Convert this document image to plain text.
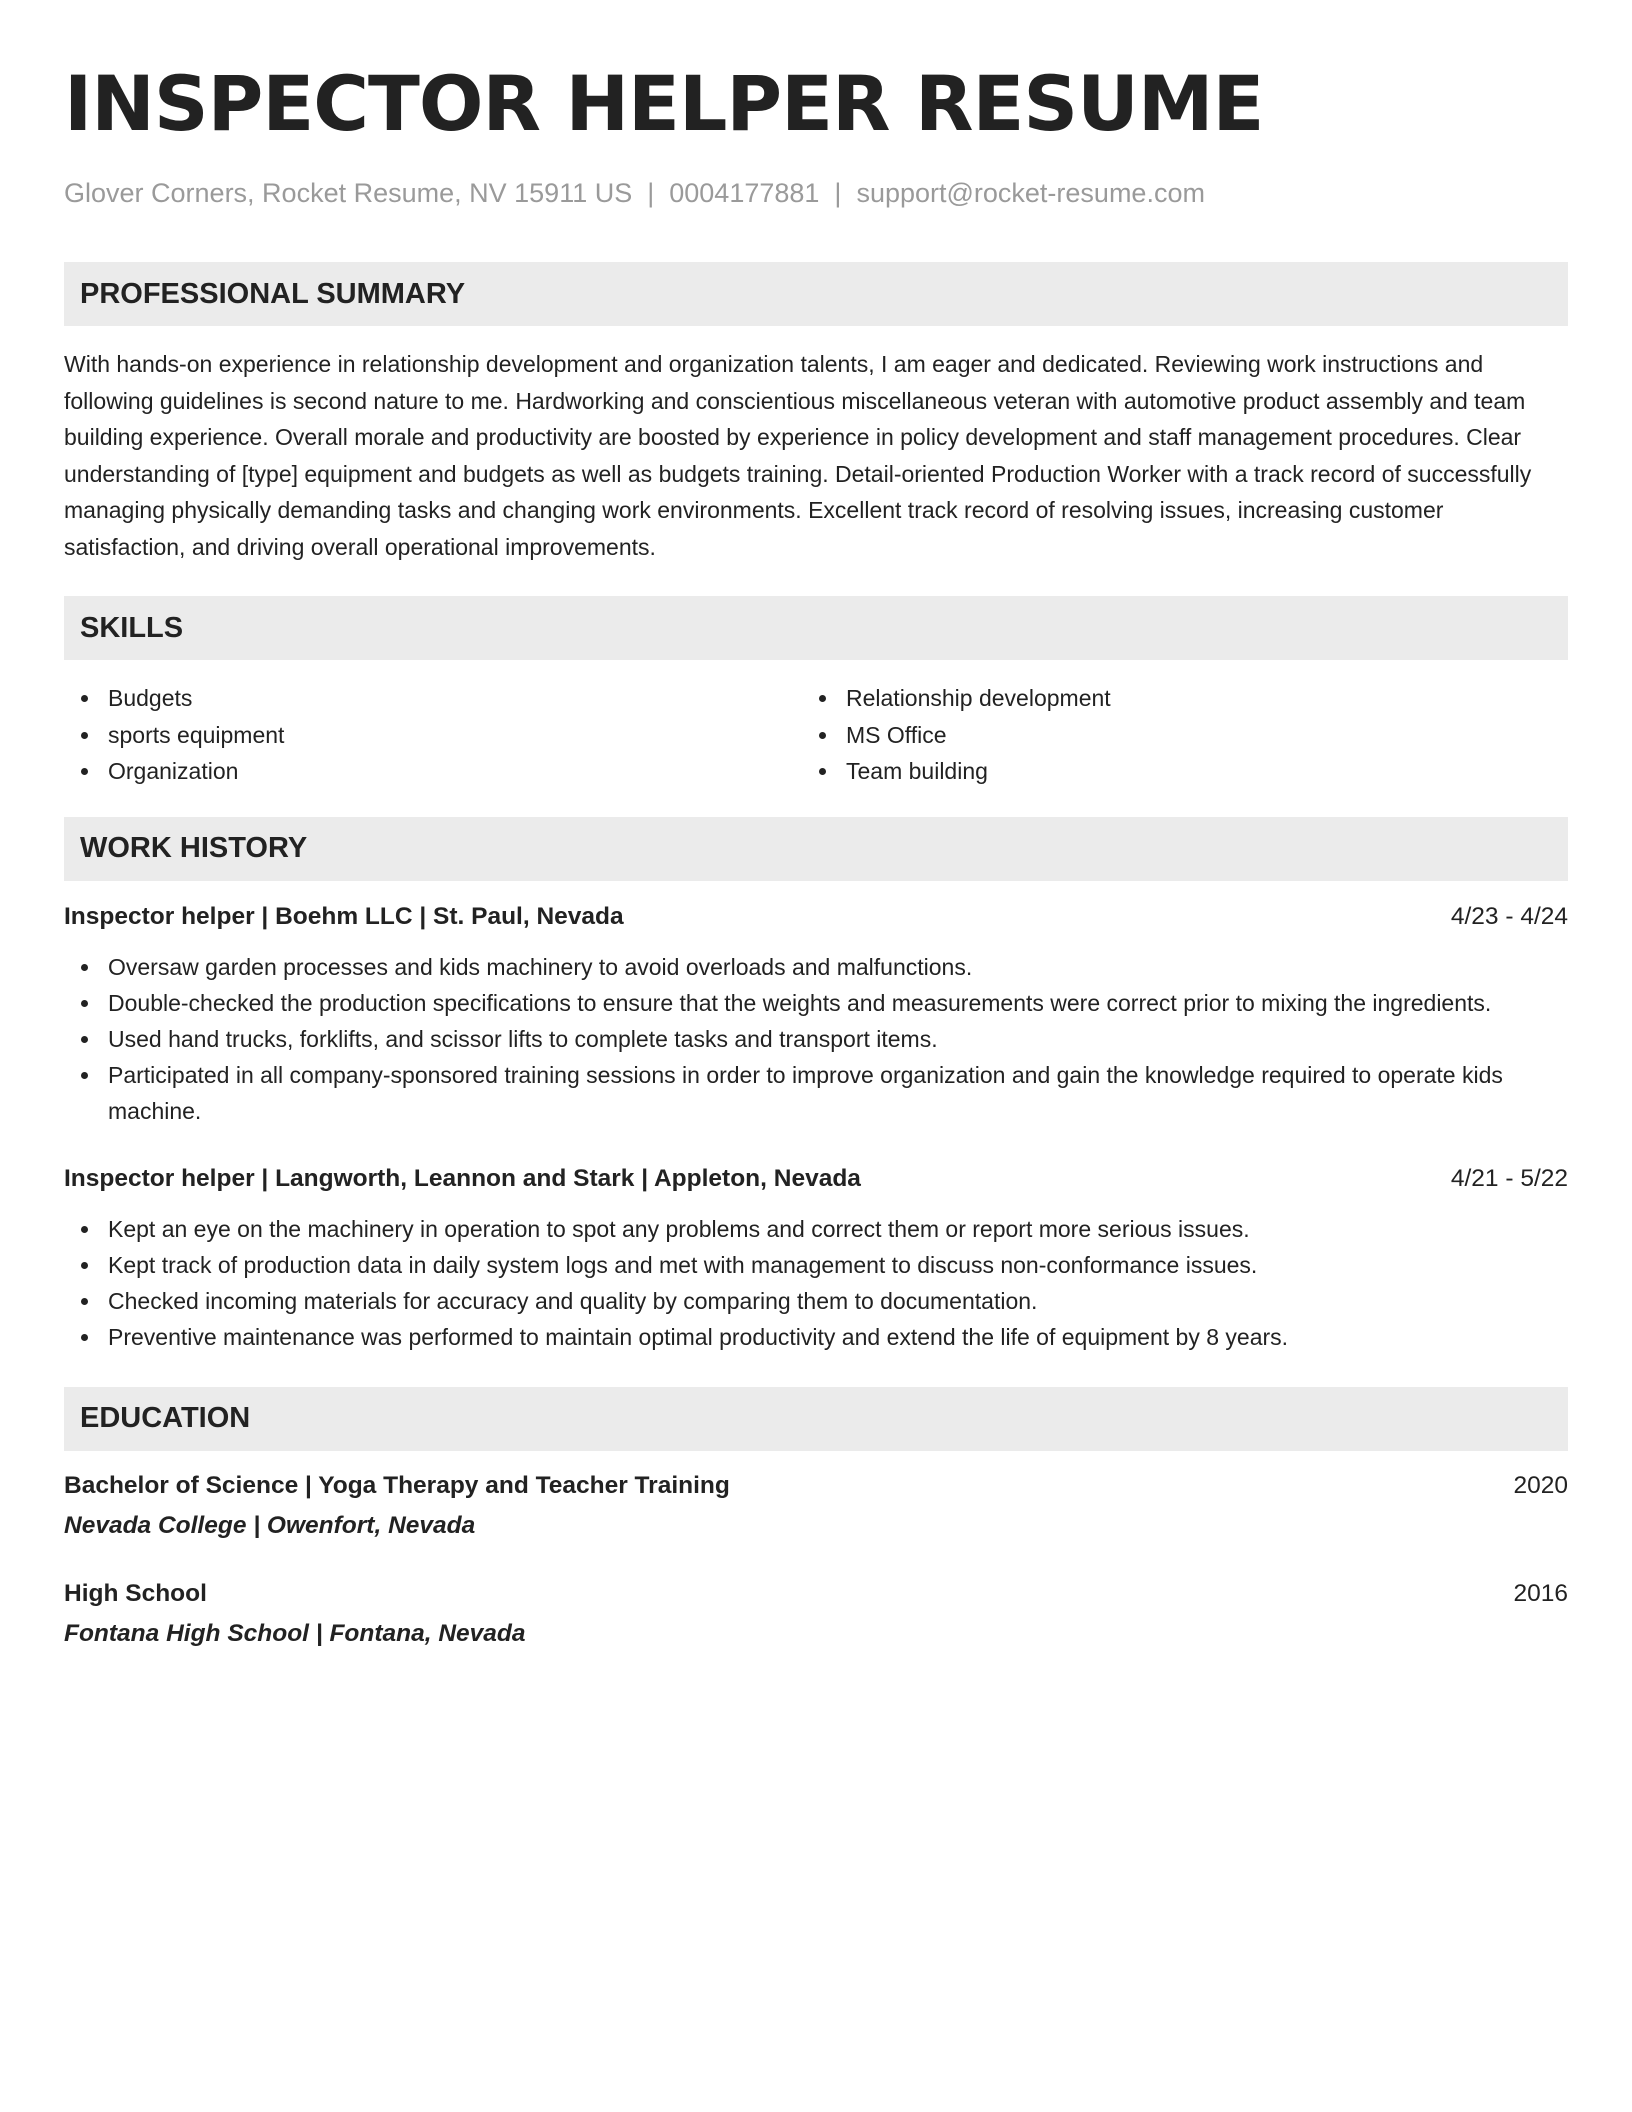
INSPECTOR HELPER RESUME
Glover Corners, Rocket Resume, NV 15911 US | 0004177881 | support@rocket-resume.com
PROFESSIONAL SUMMARY

With hands-on experience in relationship development and organization talents, I am eager and dedicated. Reviewing work instructions and following guidelines is second nature to me. Hardworking and conscientious miscellaneous veteran with automotive product assembly and team building experience. Overall morale and productivity are boosted by experience in policy development and staff management procedures. Clear understanding of [type] equipment and budgets as well as budgets training. Detail-oriented Production Worker with a track record of successfully managing physically demanding tasks and changing work environments. Excellent track record of resolving issues, increasing customer satisfaction, and driving overall operational improvements.

SKILLS
Budgets
sports equipment
Organization
Relationship development
MS Office
Team building
WORK HISTORY
Inspector helper | Boehm LLC | St. Paul, Nevada	4/23 - 4/24
Oversaw garden processes and kids machinery to avoid overloads and malfunctions.
Double-checked the production specifications to ensure that the weights and measurements were correct prior to mixing the ingredients.
Used hand trucks, forklifts, and scissor lifts to complete tasks and transport items.
Participated in all company-sponsored training sessions in order to improve organization and gain the knowledge required to operate kids machine.
Inspector helper | Langworth, Leannon and Stark | Appleton, Nevada	4/21 - 5/22
Kept an eye on the machinery in operation to spot any problems and correct them or report more serious issues.
Kept track of production data in daily system logs and met with management to discuss non-conformance issues.
Checked incoming materials for accuracy and quality by comparing them to documentation.
Preventive maintenance was performed to maintain optimal productivity and extend the life of equipment by 8 years.
EDUCATION
Bachelor of Science | Yoga Therapy and Teacher Training	2020
Nevada College | Owenfort, Nevada
High School	2016
Fontana High School | Fontana, Nevada
